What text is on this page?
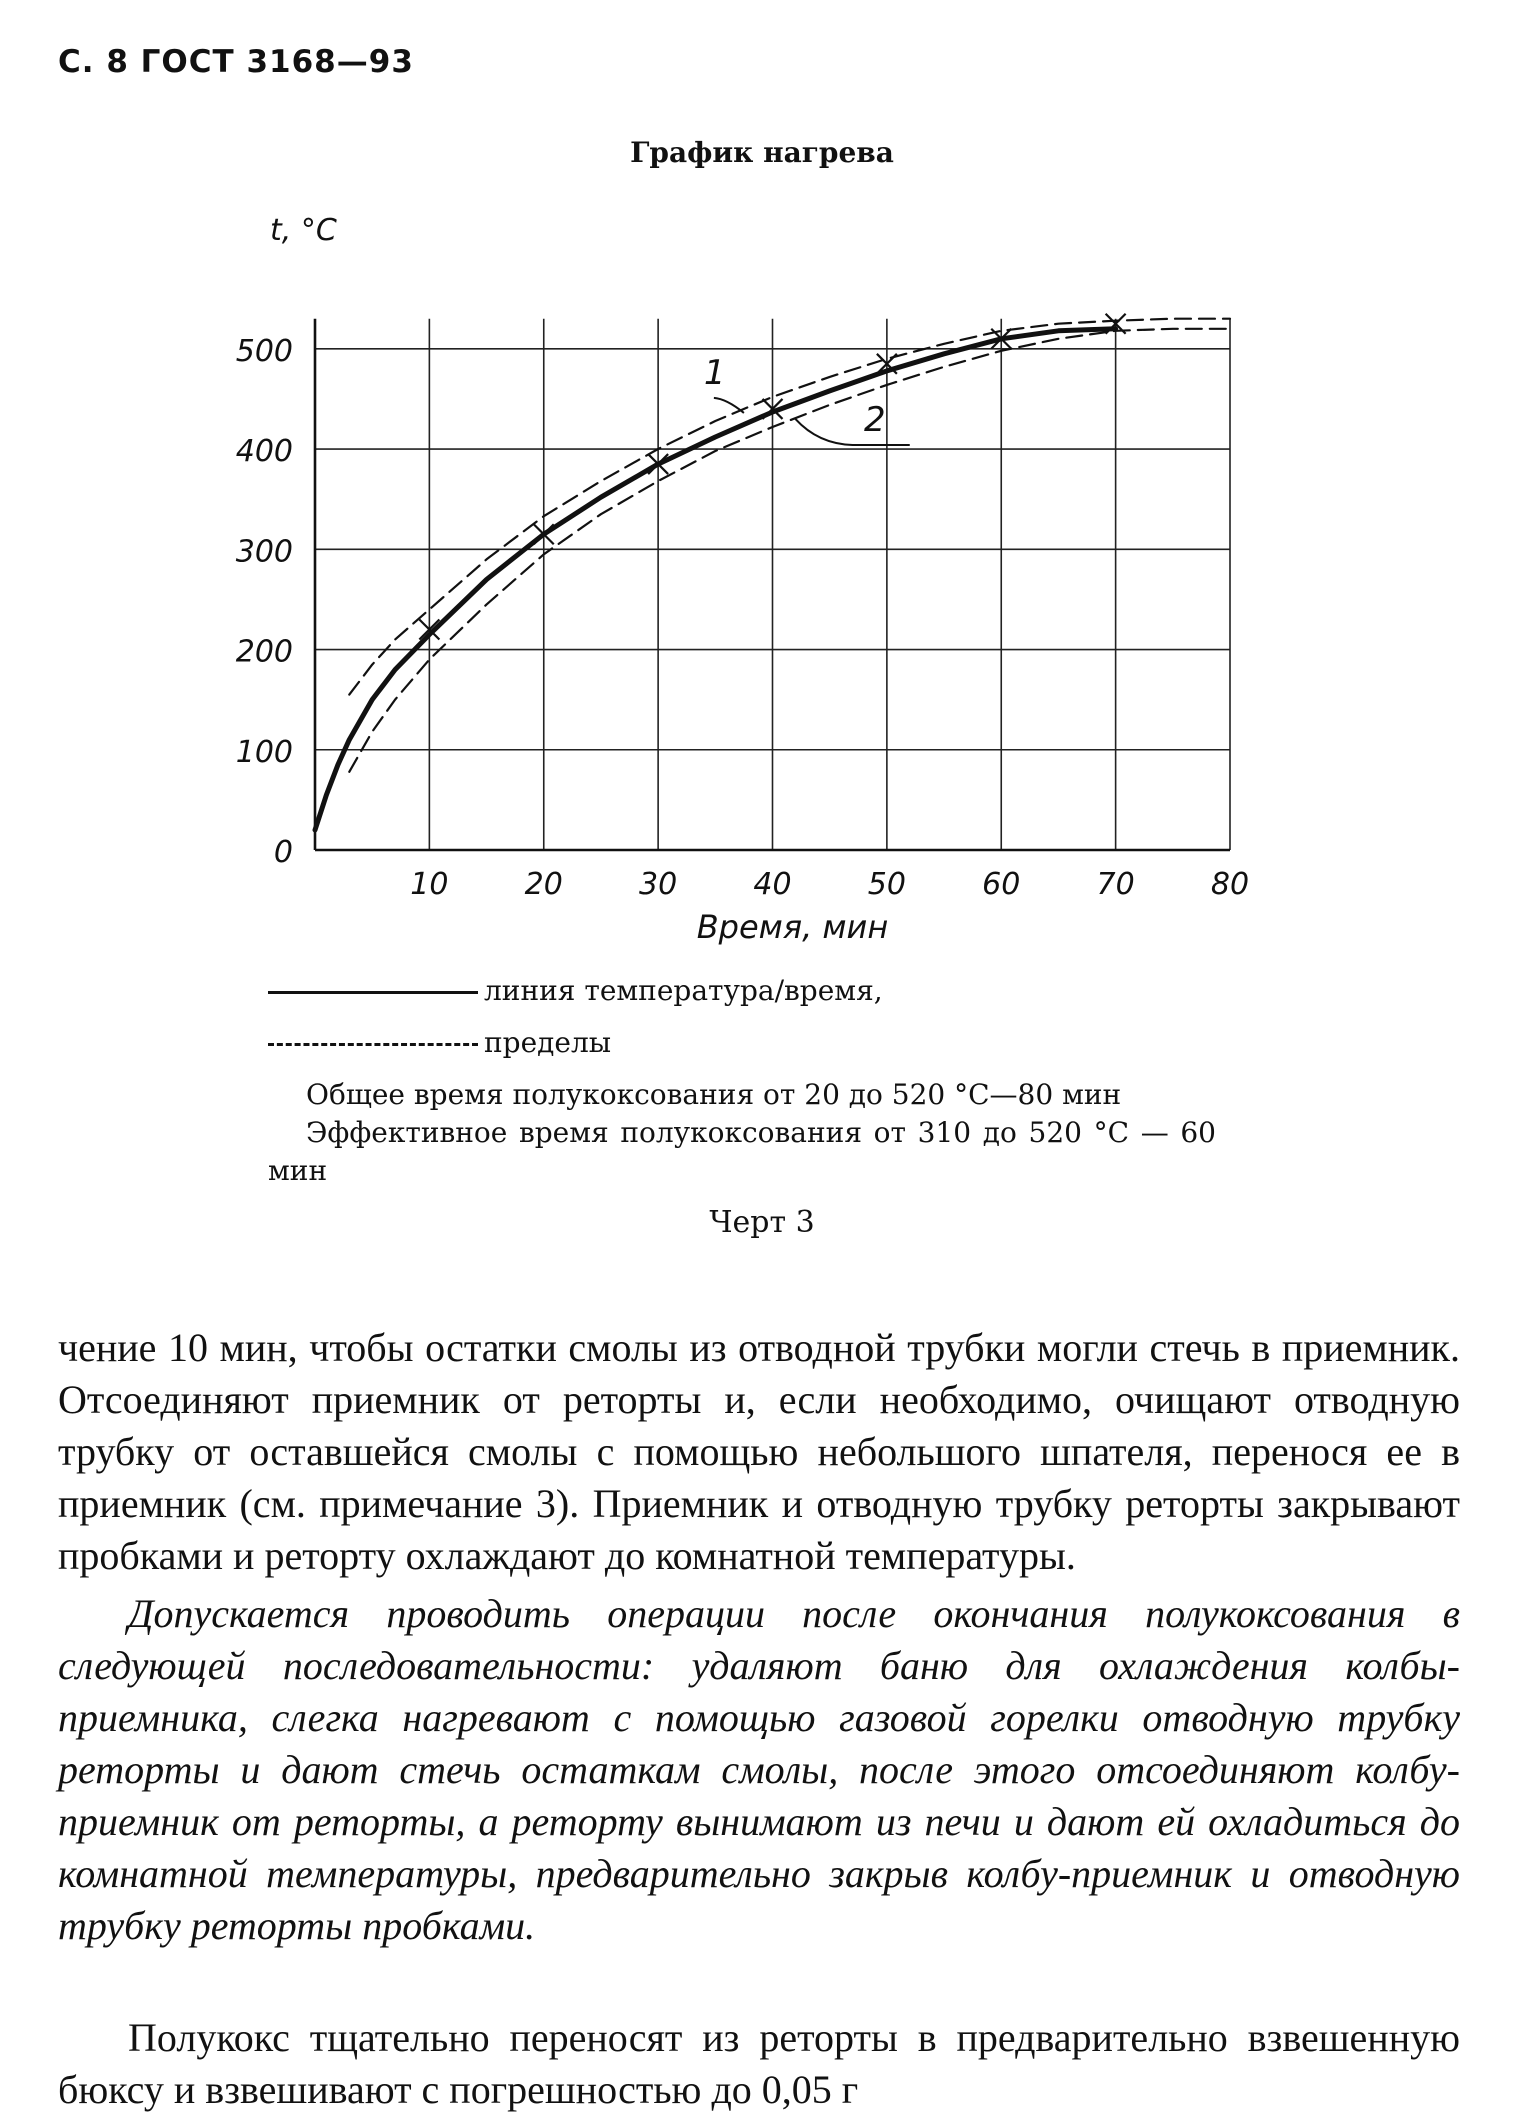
С. 8 ГОСТ 3168—93
График нагрева
10	20	30	40	50	60	70	80
0
100
200
300
400
500
t, °C
Время, мин
1
2
линия температура/время,
пределы
Общее время полукоксования от 20 до 520 °С—80 мин
Эффективное время полукоксования от 310 до 520 °С — 60 мин
Черт 3
чение 10 мин, чтобы остатки смолы из отводной трубки могли стечь в приемник. Отсоединяют приемник от реторты и, если необходимо, очищают отводную трубку от оставшейся смолы с помощью небольшого шпателя, перенося ее в приемник (см. примечание 3). Приемник и отводную трубку реторты закрывают пробками и реторту охлаждают до комнатной температуры.
Допускается проводить операции после окончания полукоксования в следующей последовательности: удаляют баню для охлаждения колбы-приемника, слегка нагревают с помощью газовой горелки отводную трубку реторты и дают стечь остаткам смолы, после этого отсоединяют колбу-приемник от реторты, а реторту вынимают из печи и дают ей охладиться до комнатной температуры, предварительно закрыв колбу-приемник и отводную трубку реторты пробками.
Полукокс тщательно переносят из реторты в предварительно взвешенную бюксу и взвешивают с погрешностью до 0,05 г
